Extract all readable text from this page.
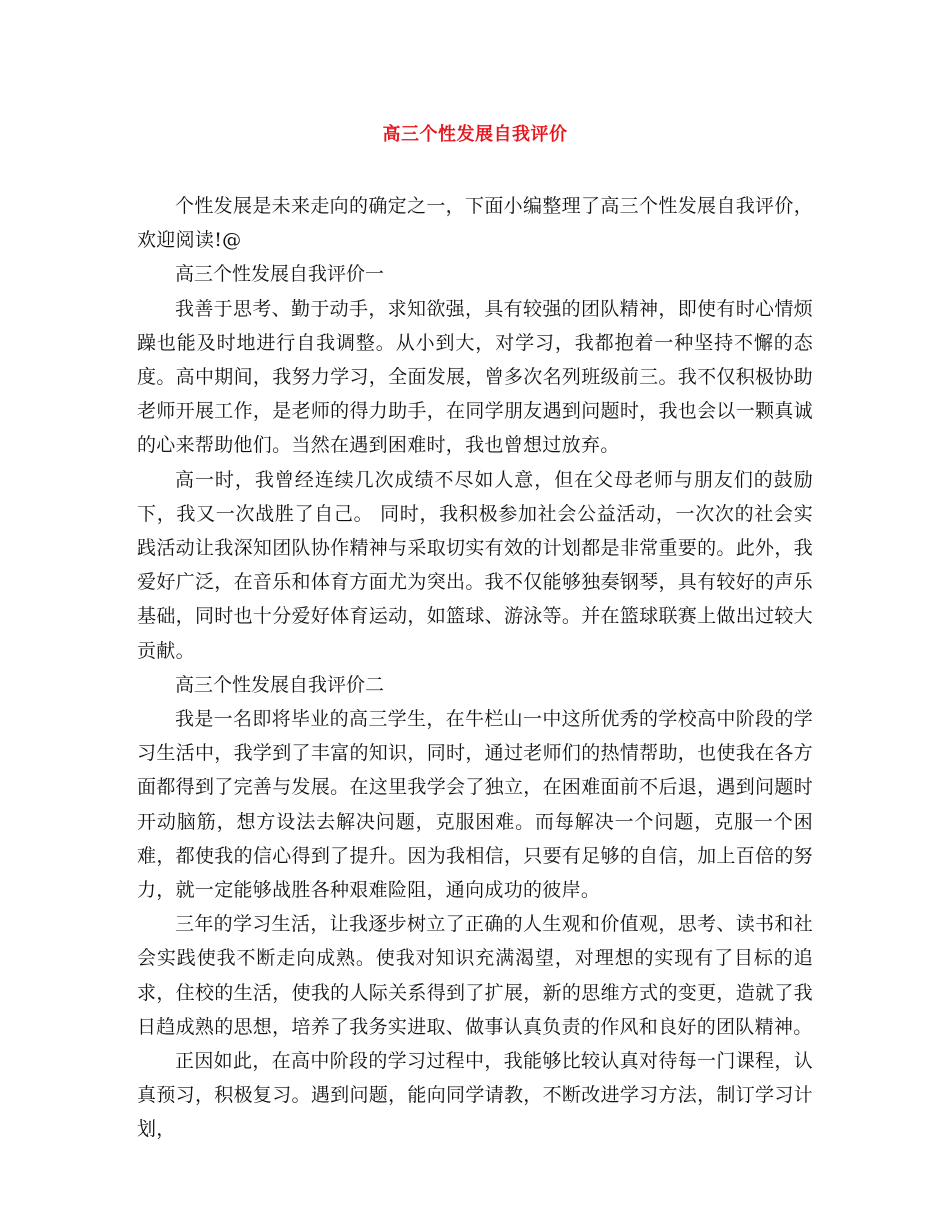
高三个性发展自我评价

个性发展是未来走向的确定之一，下面小编整理了高三个性发展自我评价，欢迎阅读!@

高三个性发展自我评价一

我善于思考、勤于动手，求知欲强，具有较强的团队精神，即使有时心情烦躁也能及时地进行自我调整。从小到大，对学习，我都抱着一种坚持不懈的态度。高中期间，我努力学习，全面发展，曾多次名列班级前三。我不仅积极协助老师开展工作，是老师的得力助手，在同学朋友遇到问题时，我也会以一颗真诚的心来帮助他们。当然在遇到困难时，我也曾想过放弃。

高一时，我曾经连续几次成绩不尽如人意，但在父母老师与朋友们的鼓励下，我又一次战胜了自己。 同时，我积极参加社会公益活动，一次次的社会实践活动让我深知团队协作精神与采取切实有效的计划都是非常重要的。此外，我爱好广泛，在音乐和体育方面尤为突出。我不仅能够独奏钢琴，具有较好的声乐基础，同时也十分爱好体育运动，如篮球、游泳等。并在篮球联赛上做出过较大贡献。

高三个性发展自我评价二

我是一名即将毕业的高三学生，在牛栏山一中这所优秀的学校高中阶段的学习生活中，我学到了丰富的知识，同时，通过老师们的热情帮助，也使我在各方面都得到了完善与发展。在这里我学会了独立，在困难面前不后退，遇到问题时开动脑筋，想方设法去解决问题，克服困难。而每解决一个问题，克服一个困难，都使我的信心得到了提升。因为我相信，只要有足够的自信，加上百倍的努力，就一定能够战胜各种艰难险阻，通向成功的彼岸。

三年的学习生活，让我逐步树立了正确的人生观和价值观，思考、读书和社会实践使我不断走向成熟。使我对知识充满渴望，对理想的实现有了目标的追求，住校的生活，使我的人际关系得到了扩展，新的思维方式的变更，造就了我日趋成熟的思想，培养了我务实进取、做事认真负责的作风和良好的团队精神。

正因如此，在高中阶段的学习过程中，我能够比较认真对待每一门课程，认真预习，积极复习。遇到问题，能向同学请教，不断改进学习方法，制订学习计划，
